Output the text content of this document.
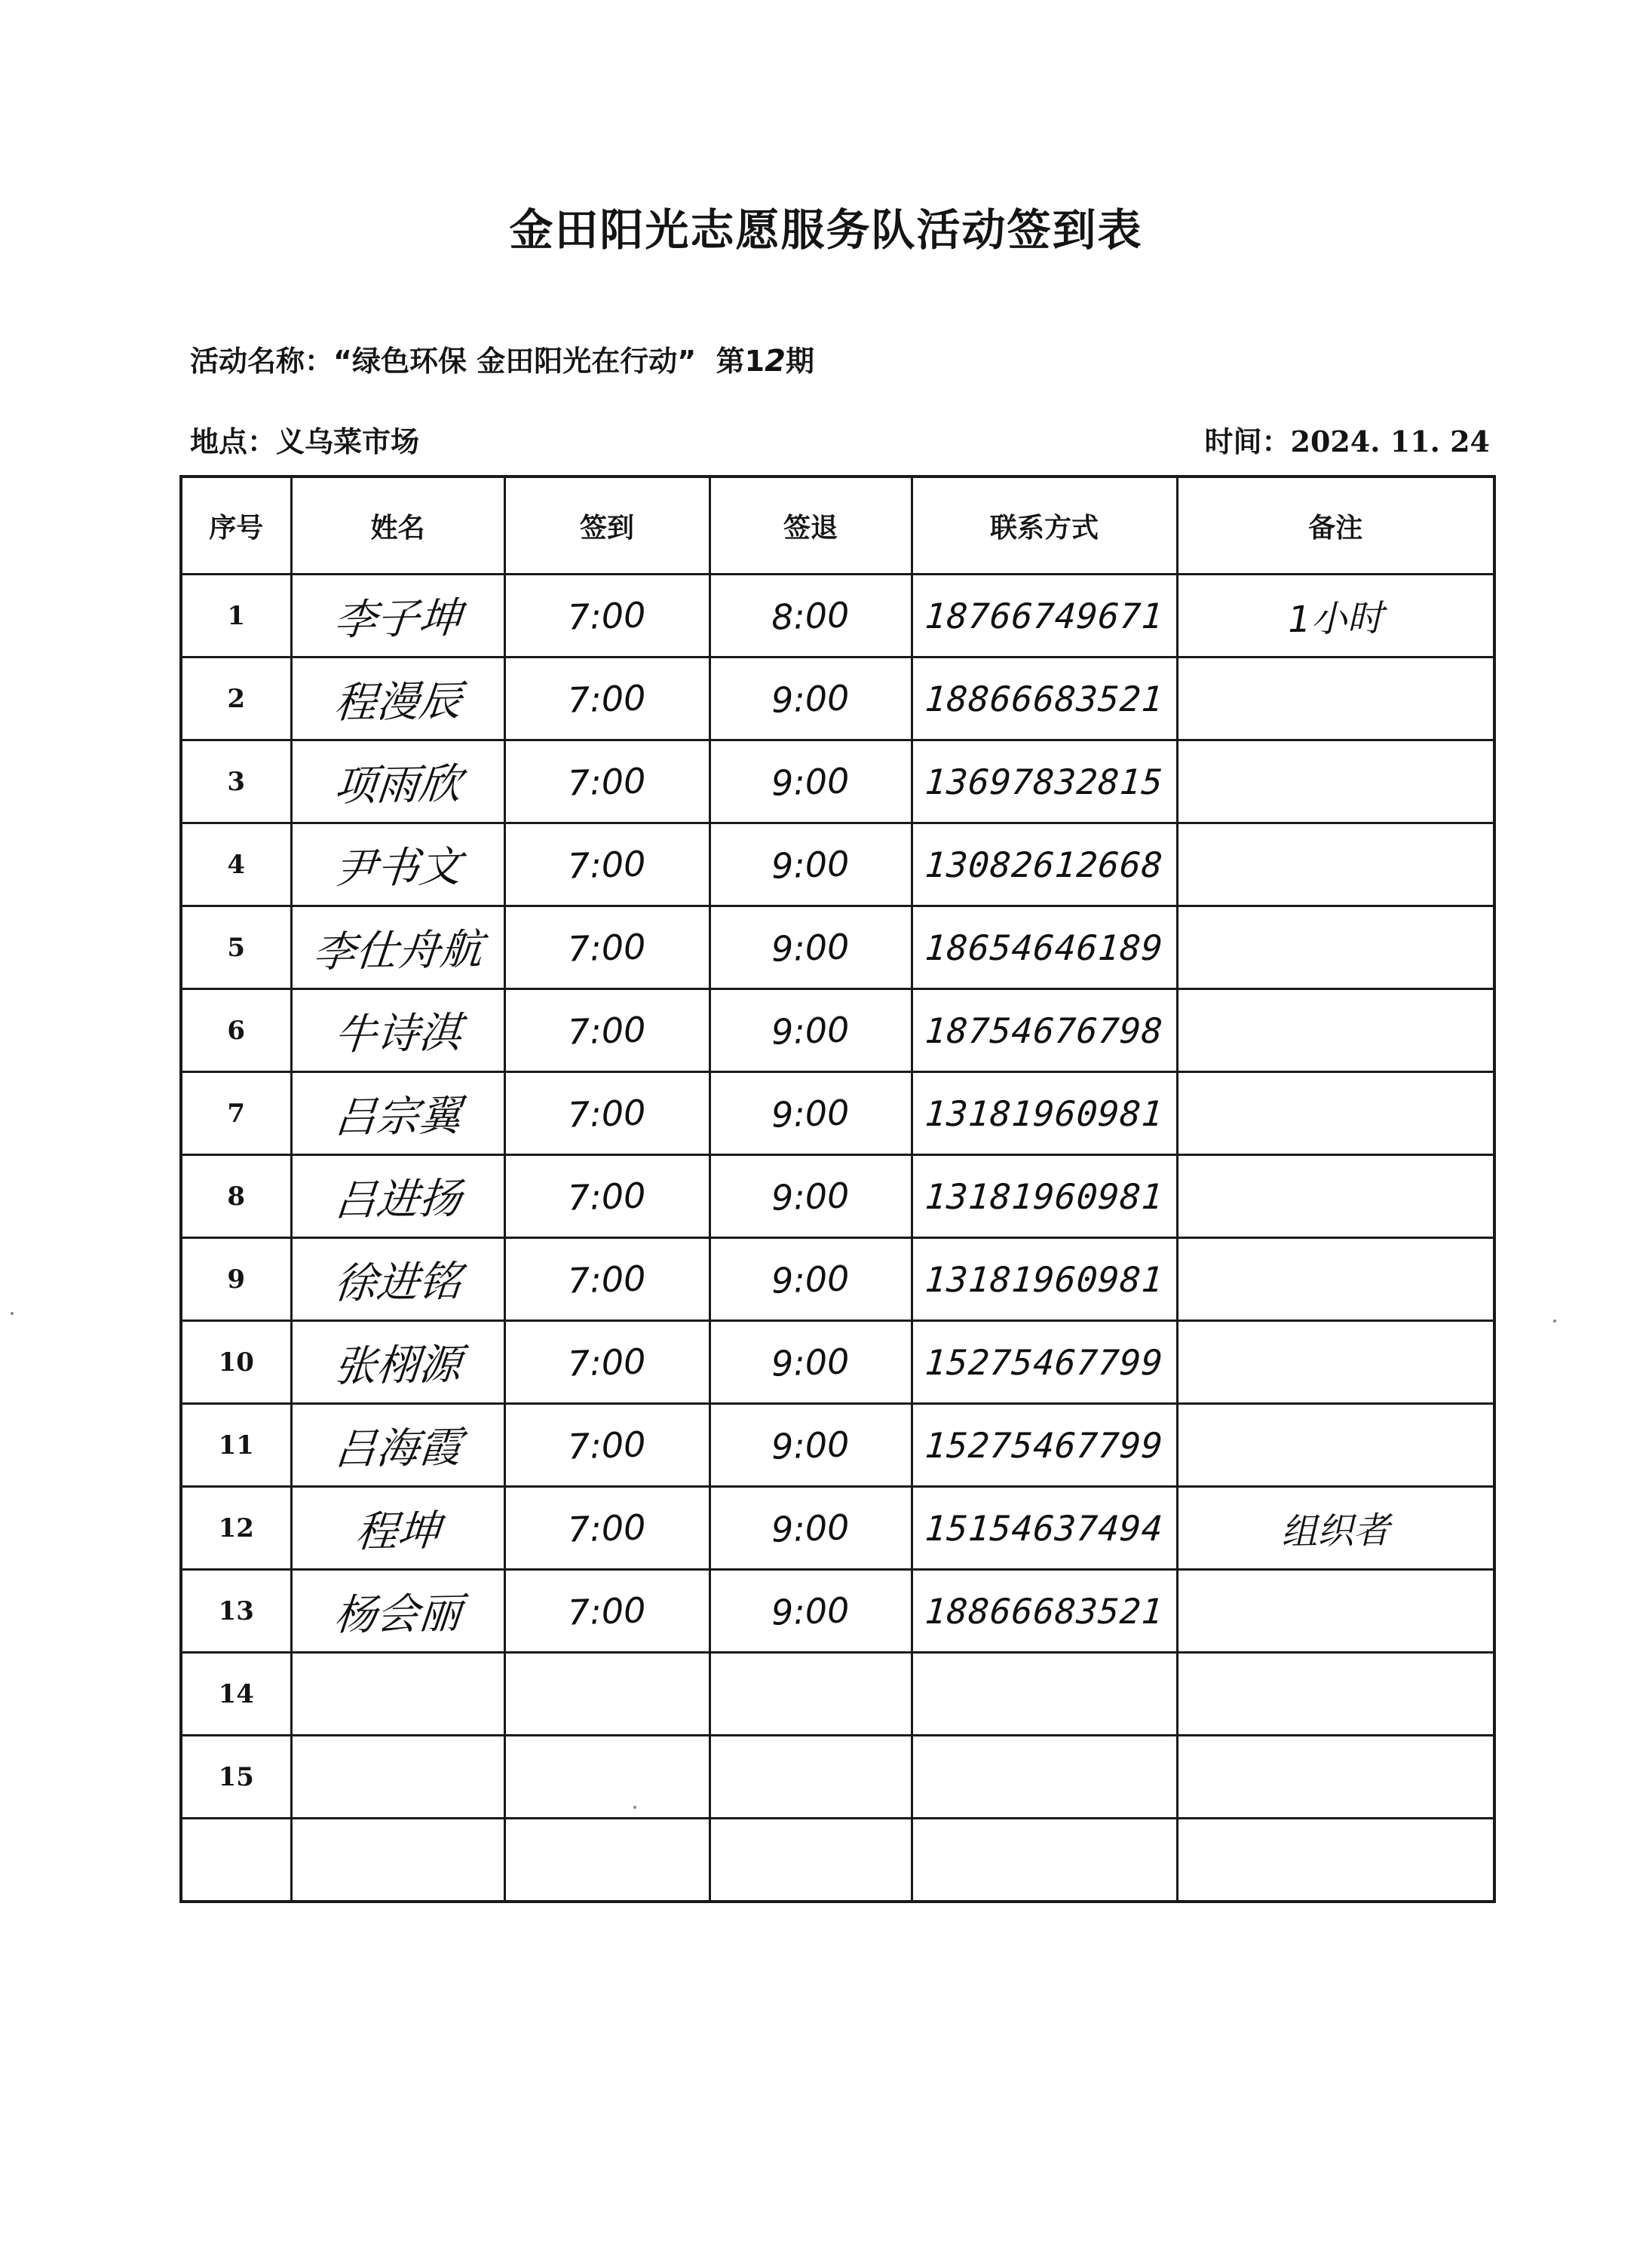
金田阳光志愿服务队活动签到表
活动名称：“绿色环保 金田阳光在行动” 第12期
地点：义乌菜市场	时间：2024. 11. 24
序号	姓名	签到	签退	联系方式	备注
1	李子坤	7:00	8:00	18766749671	1小时
2	程漫辰	7:00	9:00	18866683521	
3	项雨欣	7:00	9:00	13697832815	
4	尹书文	7:00	9:00	13082612668	
5	李仕舟航	7:00	9:00	18654646189	
6	牛诗淇	7:00	9:00	18754676798	
7	吕宗翼	7:00	9:00	13181960981	
8	吕进扬	7:00	9:00	13181960981	
9	徐进铭	7:00	9:00	13181960981	
10	张栩源	7:00	9:00	15275467799	
11	吕海霞	7:00	9:00	15275467799	
12	程坤	7:00	9:00	15154637494	组织者
13	杨会丽	7:00	9:00	18866683521	
14					
15					
